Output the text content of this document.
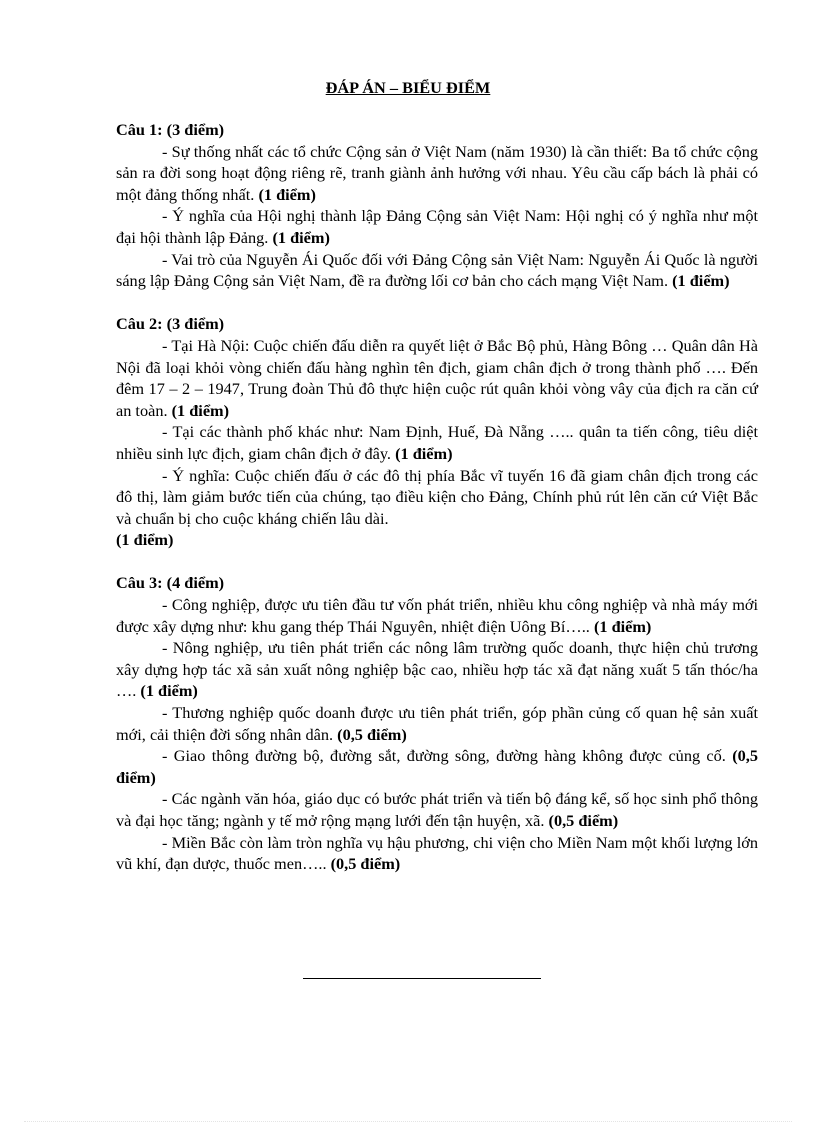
ĐÁP ÁN – BIỂU ĐIỂM

Câu 1: (3 điểm)

- Sự thống nhất các tổ chức Cộng sản ở Việt Nam (năm 1930) là cần thiết: Ba tổ chức cộng sản ra đời song hoạt động riêng rẽ, tranh giành ảnh hưởng với nhau. Yêu cầu cấp bách là phải có một đảng thống nhất. (1 điểm)

- Ý nghĩa của Hội nghị thành lập Đảng Cộng sản Việt Nam: Hội nghị có ý nghĩa như một đại hội thành lập Đảng. (1 điểm)

- Vai trò của Nguyễn Ái Quốc đối với Đảng Cộng sản Việt Nam: Nguyễn Ái Quốc là người sáng lập Đảng Cộng sản Việt Nam, đề ra đường lối cơ bản cho cách mạng Việt Nam. (1 điểm)

Câu 2: (3 điểm)

- Tại Hà Nội: Cuộc chiến đấu diễn ra quyết liệt ở Bắc Bộ phủ, Hàng Bông … Quân dân Hà Nội đã loại khỏi vòng chiến đấu hàng nghìn tên địch, giam chân địch ở trong thành phố …. Đến đêm 17 – 2 – 1947, Trung đoàn Thủ đô thực hiện cuộc rút quân khỏi vòng vây của địch ra căn cứ an toàn. (1 điểm)

- Tại các thành phố khác như: Nam Định, Huế, Đà Nẵng ….. quân ta tiến công, tiêu diệt nhiều sinh lực địch, giam chân địch ở đây. (1 điểm)

- Ý nghĩa: Cuộc chiến đấu ở các đô thị phía Bắc vĩ tuyến 16 đã giam chân địch trong các đô thị, làm giảm bước tiến của chúng, tạo điều kiện cho Đảng, Chính phủ rút lên căn cứ Việt Bắc và chuẩn bị cho cuộc kháng chiến lâu dài.
(1 điểm)

Câu 3: (4 điểm)

- Công nghiệp, được ưu tiên đầu tư vốn phát triển, nhiều khu công nghiệp và nhà máy mới được xây dựng như: khu gang thép Thái Nguyên, nhiệt điện Uông Bí….. (1 điểm)

- Nông nghiệp, ưu tiên phát triển các nông lâm trường quốc doanh, thực hiện chủ trương xây dựng hợp tác xã sản xuất nông nghiệp bậc cao, nhiều hợp tác xã đạt năng xuất 5 tấn thóc/ha …. (1 điểm)

- Thương nghiệp quốc doanh được ưu tiên phát triển, góp phần củng cố quan hệ sản xuất mới, cải thiện đời sống nhân dân. (0,5 điểm)

- Giao thông đường bộ, đường sắt, đường sông, đường hàng không được củng cố. (0,5 điểm)

- Các ngành văn hóa, giáo dục có bước phát triển và tiến bộ đáng kể, số học sinh phổ thông và đại học tăng; ngành y tế mở rộng mạng lưới đến tận huyện, xã. (0,5 điểm)

- Miền Bắc còn làm tròn nghĩa vụ hậu phương, chi viện cho Miền Nam một khối lượng lớn vũ khí, đạn dược, thuốc men….. (0,5 điểm)
